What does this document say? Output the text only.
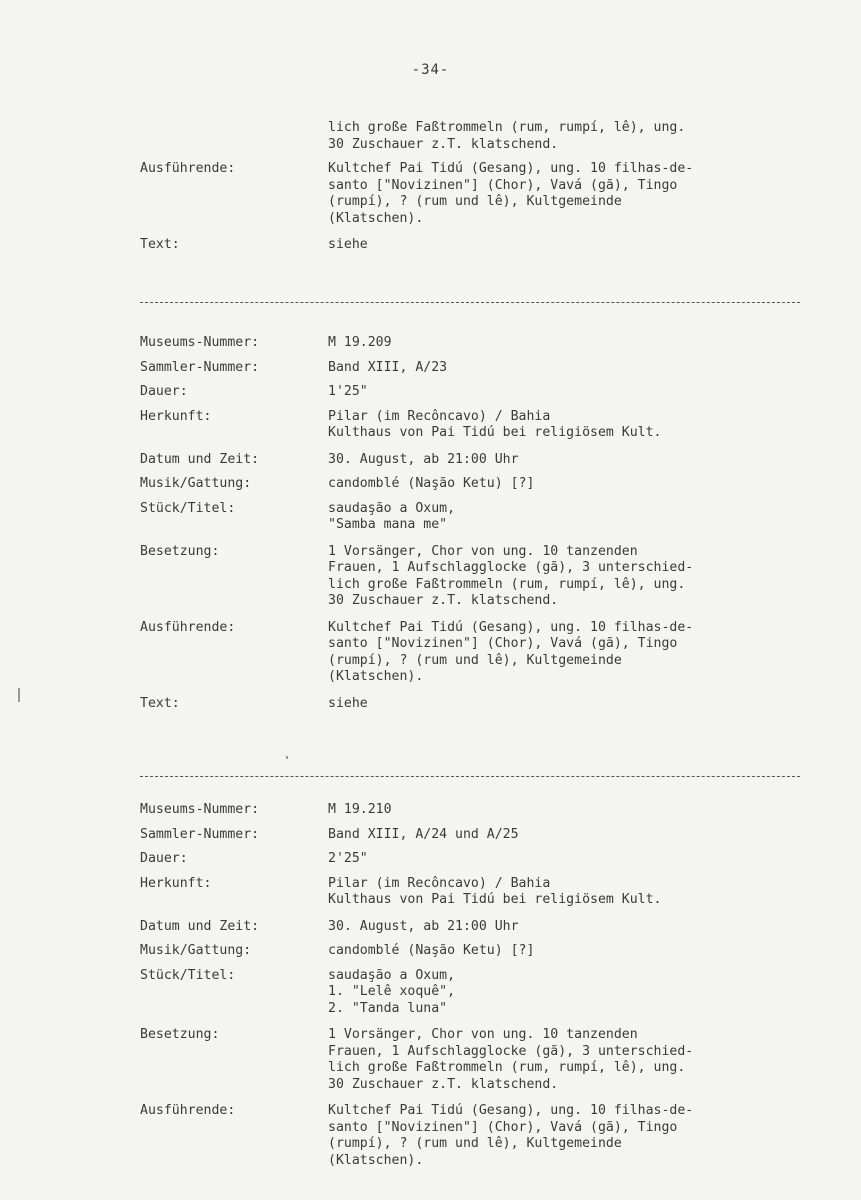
-34-
lich große Faßtrommeln (rum, rumpí, lê), ung.
30 Zuschauer z.T. klatschend.
Ausführende:	Kultchef Pai Tidú (Gesang), ung. 10 filhas-de-
santo ["Novizinen"] (Chor), Vavá (gã), Tingo
(rumpí), ? (rum und lê), Kultgemeinde
(Klatschen).
Text:	siehe
Museums-Nummer:	M 19.209
Sammler-Nummer:	Band XIII, A/23
Dauer:	1'25"
Herkunft:	Pilar (im Recôncavo) / Bahia
Kulthaus von Pai Tidú bei religiösem Kult.
Datum und Zeit:	30. August, ab 21:00 Uhr
Musik/Gattung:	candomblé (Naşão Ketu) [?]
Stück/Titel:	saudaşão a Oxum,
"Samba mana me"
Besetzung:	1 Vorsänger, Chor von ung. 10 tanzenden
Frauen, 1 Aufschlagglocke (gã), 3 unterschied-
lich große Faßtrommeln (rum, rumpí, lê), ung.
30 Zuschauer z.T. klatschend.
Ausführende:	Kultchef Pai Tidú (Gesang), ung. 10 filhas-de-
santo ["Novizinen"] (Chor), Vavá (gã), Tingo
(rumpí), ? (rum und lê), Kultgemeinde
(Klatschen).
Text:	siehe
Museums-Nummer:	M 19.210
Sammler-Nummer:	Band XIII, A/24 und A/25
Dauer:	2'25"
Herkunft:	Pilar (im Recôncavo) / Bahia
Kulthaus von Pai Tidú bei religiösem Kult.
Datum und Zeit:	30. August, ab 21:00 Uhr
Musik/Gattung:	candomblé (Naşão Ketu) [?]
Stück/Titel:	saudaşão a Oxum,
1. "Lelê xoquê",
2. "Tanda luna"
Besetzung:	1 Vorsänger, Chor von ung. 10 tanzenden
Frauen, 1 Aufschlagglocke (gã), 3 unterschied-
lich große Faßtrommeln (rum, rumpí, lê), ung.
30 Zuschauer z.T. klatschend.
Ausführende:	Kultchef Pai Tidú (Gesang), ung. 10 filhas-de-
santo ["Novizinen"] (Chor), Vavá (gã), Tingo
(rumpí), ? (rum und lê), Kultgemeinde
(Klatschen).
